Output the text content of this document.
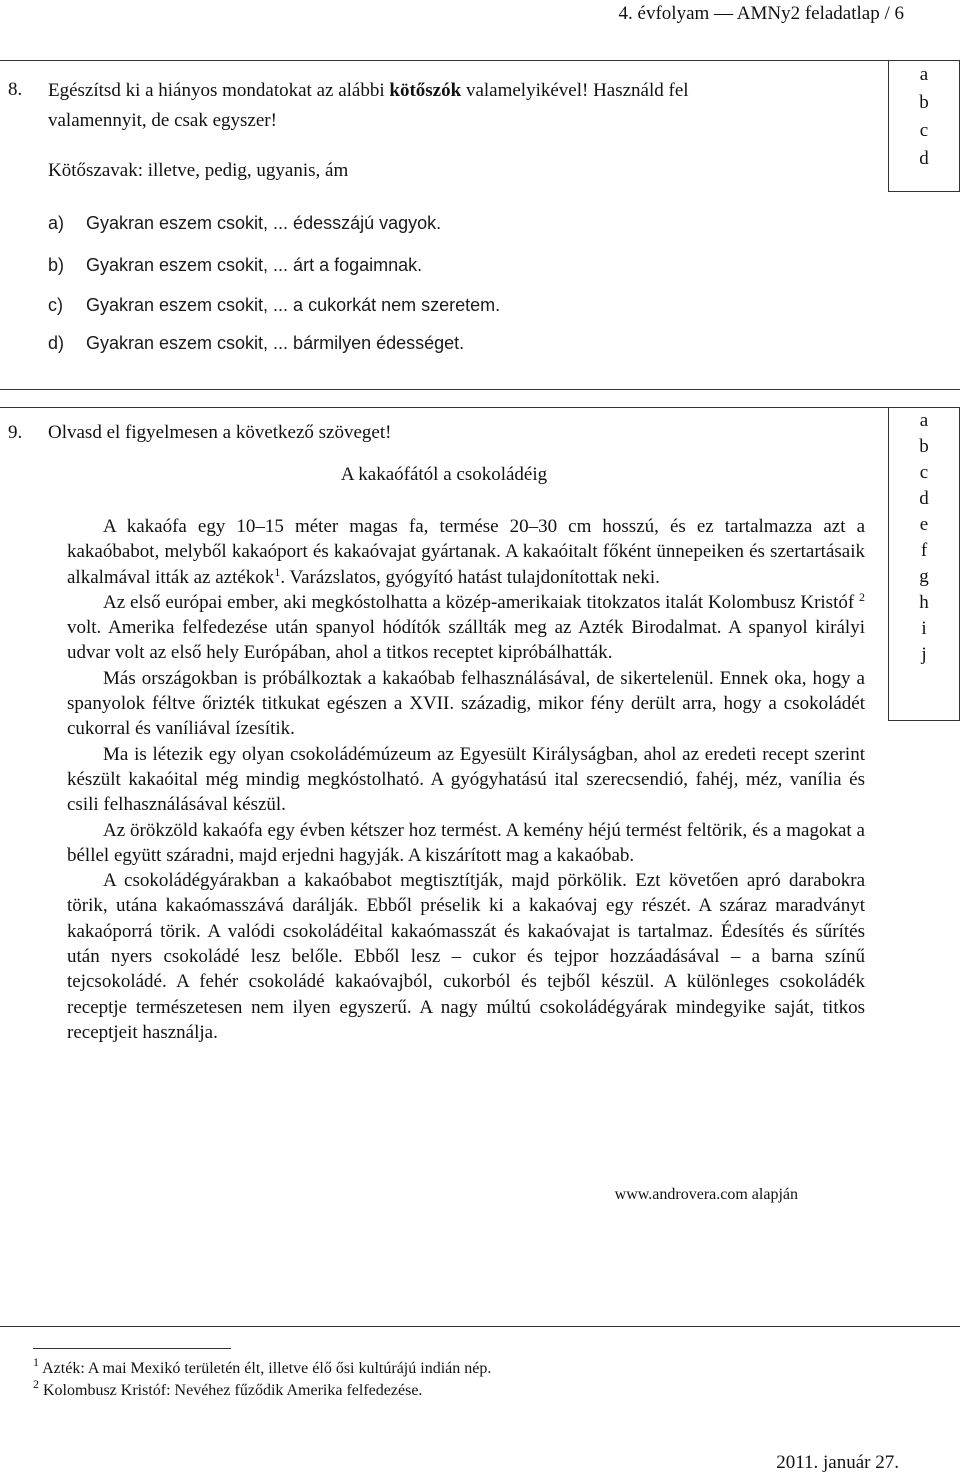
4. évfolyam — AMNy2 feladatlap / 6
8. Egészítsd ki a hiányos mondatokat az alábbi kötőszók valamelyikével! Használd fel
valamennyit, de csak egyszer!
Kötőszavak: illetve, pedig, ugyanis, ám
a) Gyakran eszem csokit, ... édesszájú vagyok.
b) Gyakran eszem csokit, ... árt a fogaimnak.
c) Gyakran eszem csokit, ... a cukorkát nem szeretem.
d) Gyakran eszem csokit, ... bármilyen édességet.
a
b
c
d
9. Olvasd el figyelmesen a következő szöveget!
A kakaófától a csokoládéig

A kakaófa egy 10–15 méter magas fa, termése 20–30 cm hosszú, és ez tartalmazza azt a kakaóbabot, melyből kakaóport és kakaóvajat gyártanak. A kakaóitalt főként ünnepeiken és szertartásaik alkalmával itták az aztékok$^1$. Varázslatos, gyógyító hatást tulajdonítottak neki.

Az első európai ember, aki megkóstolhatta a közép-amerikaiak titokzatos italát Kolombusz Kristóf $^2$ volt. Amerika felfedezése után spanyol hódítók szállták meg az Azték Birodalmat. A spanyol királyi udvar volt az első hely Európában, ahol a titkos receptet kipróbálhatták.

Más országokban is próbálkoztak a kakaóbab felhasználásával, de sikertelenül. Ennek oka, hogy a spanyolok féltve őrizték titkukat egészen a XVII. századig, mikor fény derült arra, hogy a csokoládét cukorral és vaníliával ízesítik.

Ma is létezik egy olyan csokoládémúzeum az Egyesült Királyságban, ahol az eredeti recept szerint készült kakaóital még mindig megkóstolható. A gyógyhatású ital szerecsendió, fahéj, méz, vanília és csili felhasználásával készül.

Az örökzöld kakaófa egy évben kétszer hoz termést. A kemény héjú termést feltörik, és a magokat a béllel együtt száradni, majd erjedni hagyják. A kiszárított mag a kakaóbab.

A csokoládégyárakban a kakaóbabot megtisztítják, majd pörkölik. Ezt követően apró darabokra törik, utána kakaómasszává darálják. Ebből préselik ki a kakaóvaj egy részét. A száraz maradványt kakaóporrá törik. A valódi csokoládéital kakaómasszát és kakaóvajat is tartalmaz. Édesítés és sűrítés után nyers csokoládé lesz belőle. Ebből lesz – cukor és tejpor hozzáadásával – a barna színű tejcsokoládé. A fehér csokoládé kakaóvajból, cukorból és tejből készül. A különleges csokoládék receptje természetesen nem ilyen egyszerű. A nagy múltú csokoládégyárak mindegyike saját, titkos receptjeit használja.

a
b
c
d
e
f
g
h
i
j
www.androvera.com alapján
$^1$ Azték: A mai Mexikó területén élt, illetve élő ősi kultúrájú indián nép.
$^2$ Kolombusz Kristóf: Nevéhez fűződik Amerika felfedezése.
2011. január 27.
